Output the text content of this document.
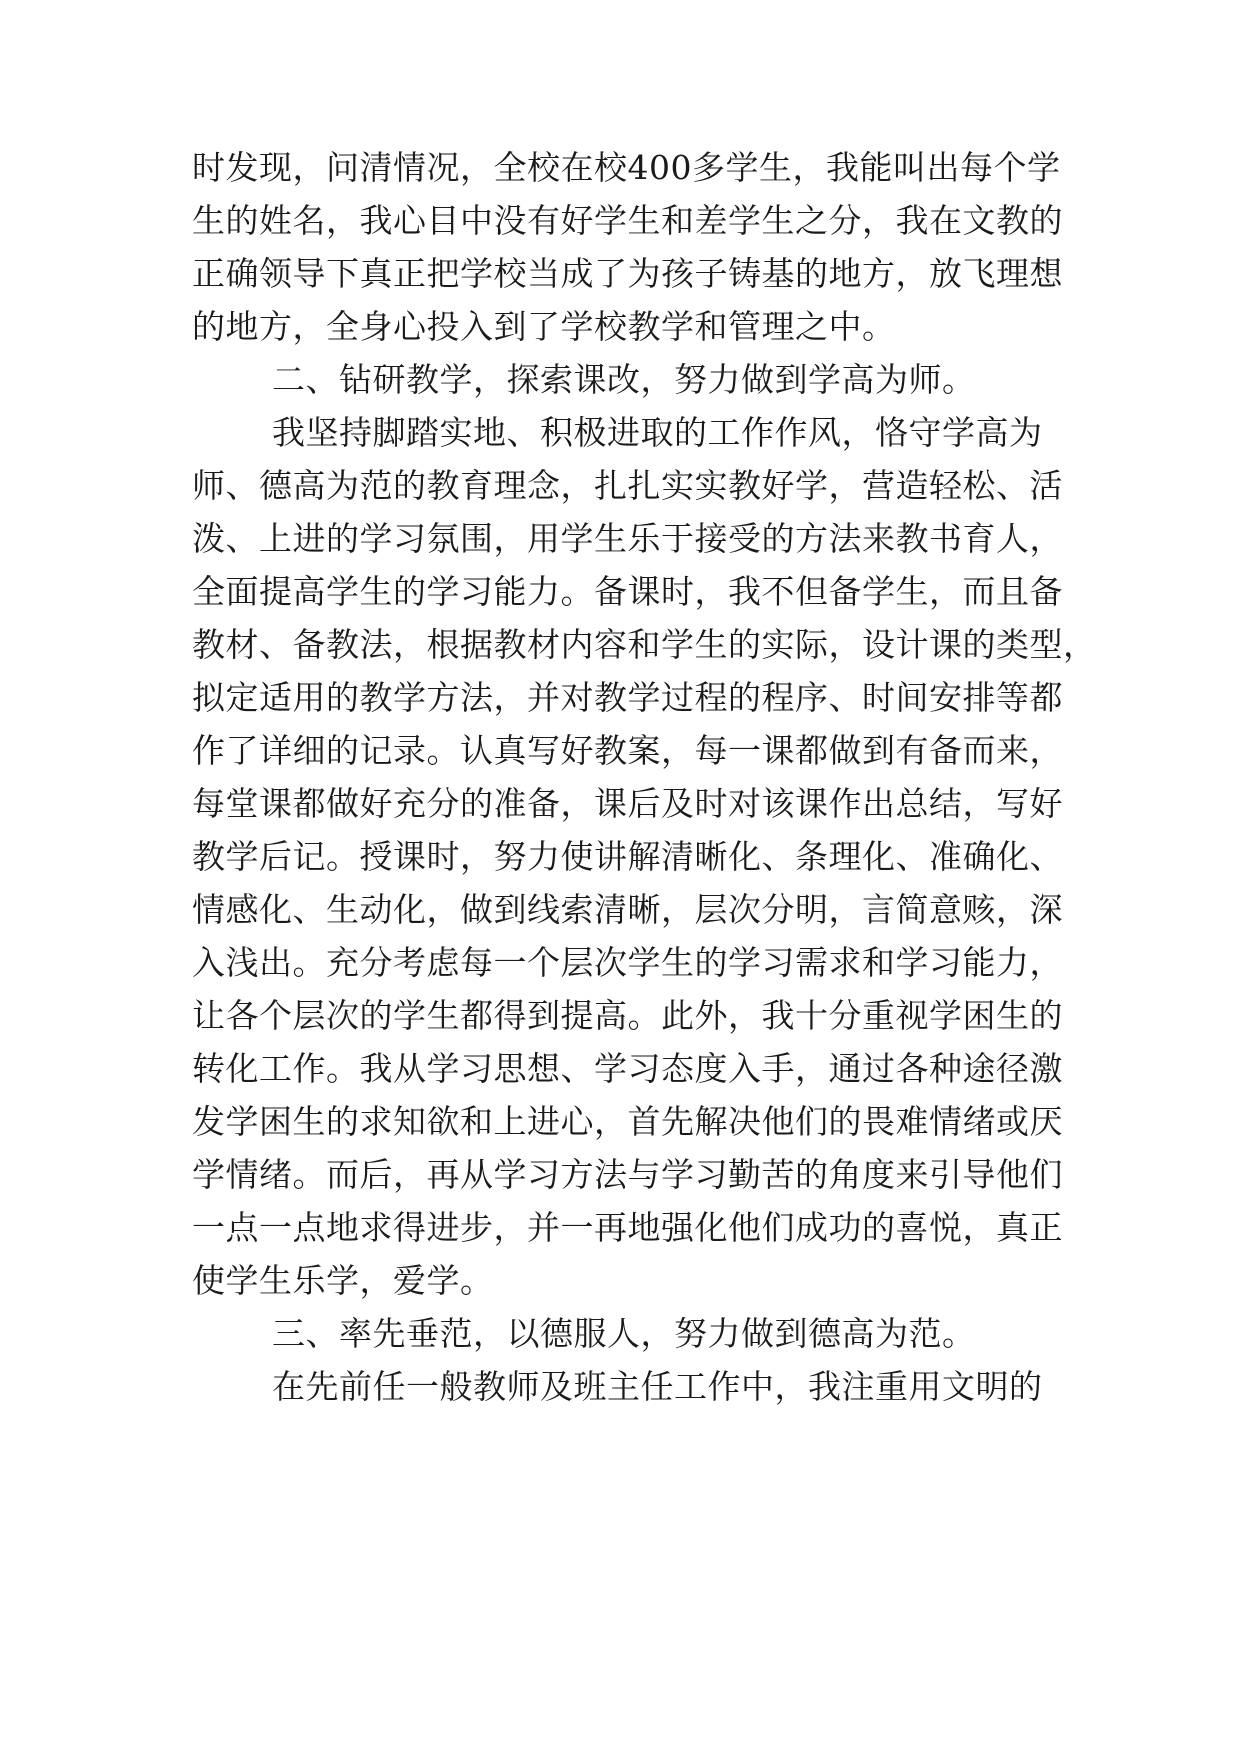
时发现，问清情况，全校在校400多学生，我能叫出每个学
生的姓名，我心目中没有好学生和差学生之分，我在文教的
正确领导下真正把学校当成了为孩子铸基的地方，放飞理想
的地方，全身心投入到了学校教学和管理之中。
二、钻研教学，探索课改，努力做到学高为师。
我坚持脚踏实地、积极进取的工作作风，恪守学高为
师、德高为范的教育理念，扎扎实实教好学，营造轻松、活
泼、上进的学习氛围，用学生乐于接受的方法来教书育人，
全面提高学生的学习能力。备课时，我不但备学生，而且备
教材、备教法，根据教材内容和学生的实际，设计课的类型，
拟定适用的教学方法，并对教学过程的程序、时间安排等都
作了详细的记录。认真写好教案，每一课都做到有备而来，
每堂课都做好充分的准备，课后及时对该课作出总结，写好
教学后记。授课时，努力使讲解清晰化、条理化、准确化、
情感化、生动化，做到线索清晰，层次分明，言简意赅，深
入浅出。充分考虑每一个层次学生的学习需求和学习能力，
让各个层次的学生都得到提高。此外，我十分重视学困生的
转化工作。我从学习思想、学习态度入手，通过各种途径激
发学困生的求知欲和上进心，首先解决他们的畏难情绪或厌
学情绪。而后，再从学习方法与学习勤苦的角度来引导他们
一点一点地求得进步，并一再地强化他们成功的喜悦，真正
使学生乐学，爱学。
三、率先垂范，以德服人，努力做到德高为范。
在先前任一般教师及班主任工作中，我注重用文明的
